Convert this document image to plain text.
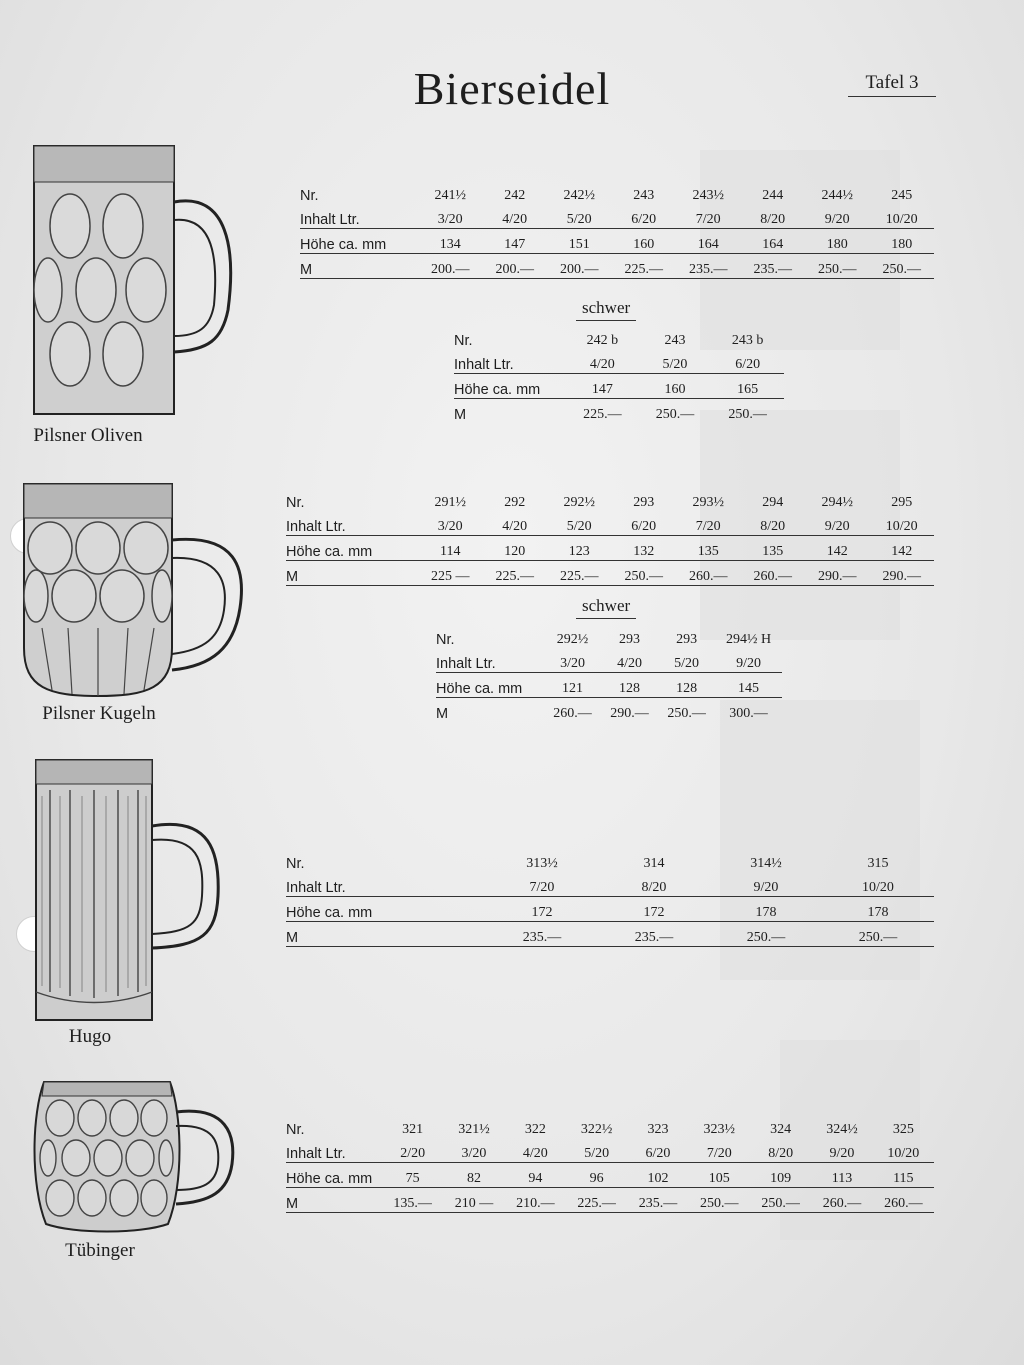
Bierseidel	Tafel 3
Pilsner Oliven
Nr.	241½	242	242½	243	243½	244	244½	245
Inhalt Ltr.	3/20	4/20	5/20	6/20	7/20	8/20	9/20	10/20
Höhe ca. mm	134	147	151	160	164	164	180	180
M	200.—	200.—	200.—	225.—	235.—	235.—	250.—	250.—
schwer
Nr.	242 b	243	243 b
Inhalt Ltr.	4/20	5/20	6/20
Höhe ca. mm	147	160	165
M	225.—	250.—	250.—
Pilsner Kugeln
Nr.	291½	292	292½	293	293½	294	294½	295
Inhalt Ltr.	3/20	4/20	5/20	6/20	7/20	8/20	9/20	10/20
Höhe ca. mm	114	120	123	132	135	135	142	142
M	225 —	225.—	225.—	250.—	260.—	260.—	290.—	290.—
schwer
Nr.	292½	293	293	294½ H
Inhalt Ltr.	3/20	4/20	5/20	9/20
Höhe ca. mm	121	128	128	145
M	260.—	290.—	250.—	300.—
Hugo
Nr.	313½	314	314½	315
Inhalt Ltr.	7/20	8/20	9/20	10/20
Höhe ca. mm	172	172	178	178
M	235.—	235.—	250.—	250.—
Tübinger
Nr.	321	321½	322	322½	323	323½	324	324½	325
Inhalt Ltr.	2/20	3/20	4/20	5/20	6/20	7/20	8/20	9/20	10/20
Höhe ca. mm	75	82	94	96	102	105	109	113	115
M	135.—	210 —	210.—	225.—	235.—	250.—	250.—	260.—	260.—
